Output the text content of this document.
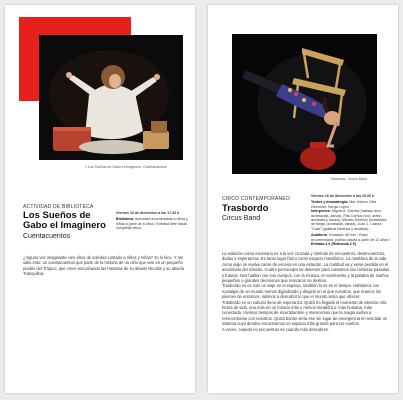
« Los Sueños de Gabo el Imaginero. Cuentacuentos
ACTIVIDAD DE BIBLIOTECA
Los Sueños de
Gabo el Imaginero
Cuentacuentos
Viernes 16 de diciembre a las 17.30 h
Biblioteca. Actividad recomendada a niños y niñas a partir de 6 años / Entrada libre hasta completar aforo

¿Alguna vez imaginaste cien años de soledad contado a niños y niñas? Yo lo hice. Y me salió esto: un cuentacuentos que parte de la historia de un niño que vive en un pequeño pueblo del Trópico, que crece escuchando las historias de su abuelo Nicolás y su abuela Tranquilina.

Trasbordo. Circus Band
CIRCO CONTEMPORÁNEO
Trasbordo
Circus Band
Viernes 16 de diciembre a las 20.00 h
Textos y dramaturgia: Mar Gómez Glez Dirección: Sergio López
Intérpretes: Miguel A. Garrido (trabajo circo acrobacias, danza), Rita Corrius (voz, actriz, acróbata y danza), Alfonso Jiménez (malabares de fuego, acrobacia, danza), Juan J. Calcea "Calsi" (guitarra eléctrica y acústica)
Auditorio. Duración: 60 min / Edad recomendada: público adulto a partir de 12 años / Entrada 4 € (Reducida 2 €)

La estación como escenario es a la vez cruzada y símbolo de encuentros, desencuentros, dudas y esperanzas. Es tanto lugar físico como espacio metafórico. La metáfora de la vida como viaje se vuelve carne de escena en una estación. La multitud va y viene perdida en el anonimato del tránsito. Cuatro personajes se detienen para contarnos sus historias pasadas y futuras. Nos hablan con sus cuerpos, con la música, el movimiento y la palabra de sueños pequeños o grandes decisiones que marcaron su destino.

Trasbordo no es solo un viaje en el espacio, también lo es en el tiempo. Hablamos con nostalgia de un mundo menos digitalizado y dirigido en el que nosotros, que éramos los jóvenes de entonces, salimos a descubrir lo que el mundo tenía que ofrecer.

Trasbordo es un suburio lleno de esperanza. Quizá ha llegado el momento de abrazar otra forma de vida, una más en un horario más o menos metafórico: más humana, más conectada. Vivimos tiempos de incertidumbre y merecemos que la magia vuelva a reencontrarse con nosotros. Quizá bonito sería ese sin lugar de emergencia en rescatar un sistema cuyo destino encontramos un espacio más grande para los sueños.

A veces, cuando no encuentras es cuando más descubres.
